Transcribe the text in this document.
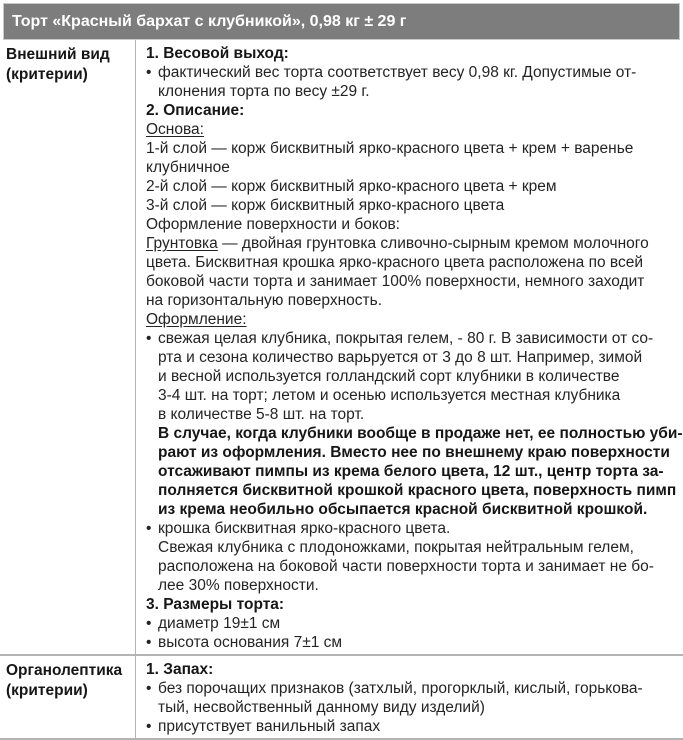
Торт «Красный бархат с клубникой», 0,98 кг ± 29 г
Внешний вид
(критерии)
1. Весовой выход:
• фактический вес торта соответствует весу 0,98 кг. Допустимые от-
клонения торта по весу ±29 г.
2. Описание:
Основа:
1-й слой — корж бисквитный ярко-красного цвета + крем + варенье
клубничное
2-й слой — корж бисквитный ярко-красного цвета + крем
3-й слой — корж бисквитный ярко-красного цвета
Оформление поверхности и боков:
Грунтовка — двойная грунтовка сливочно-сырным кремом молочного
цвета. Бисквитная крошка ярко-красного цвета расположена по всей
боковой части торта и занимает 100% поверхности, немного заходит
на горизонтальную поверхность.
Оформление:
• свежая целая клубника, покрытая гелем, - 80 г. В зависимости от со-
рта и сезона количество варьруется от 3 до 8 шт. Например, зимой
и весной используется голландский сорт клубники в количестве
3-4 шт. на торт; летом и осенью используется местная клубника
в количестве 5-8 шт. на торт.
В случае, когда клубники вообще в продаже нет, ее полностью уби-
рают из оформления. Вместо нее по внешнему краю поверхности
отсаживают пимпы из крема белого цвета, 12 шт., центр торта за-
полняется бисквитной крошкой красного цвета, поверхность пимп
из крема необильно обсыпается красной бисквитной крошкой.
• крошка бисквитная ярко-красного цвета.
Свежая клубника с плодоножками, покрытая нейтральным гелем,
расположена на боковой части поверхности торта и занимает не бо-
лее 30% поверхности.
3. Размеры торта:
• диаметр 19±1 см
• высота основания 7±1 см
Органолептика
(критерии)
1. Запах:
• без порочащих признаков (затхлый, прогорклый, кислый, горькова-
тый, несвойственный данному виду изделий)
• присутствует ванильный запах
